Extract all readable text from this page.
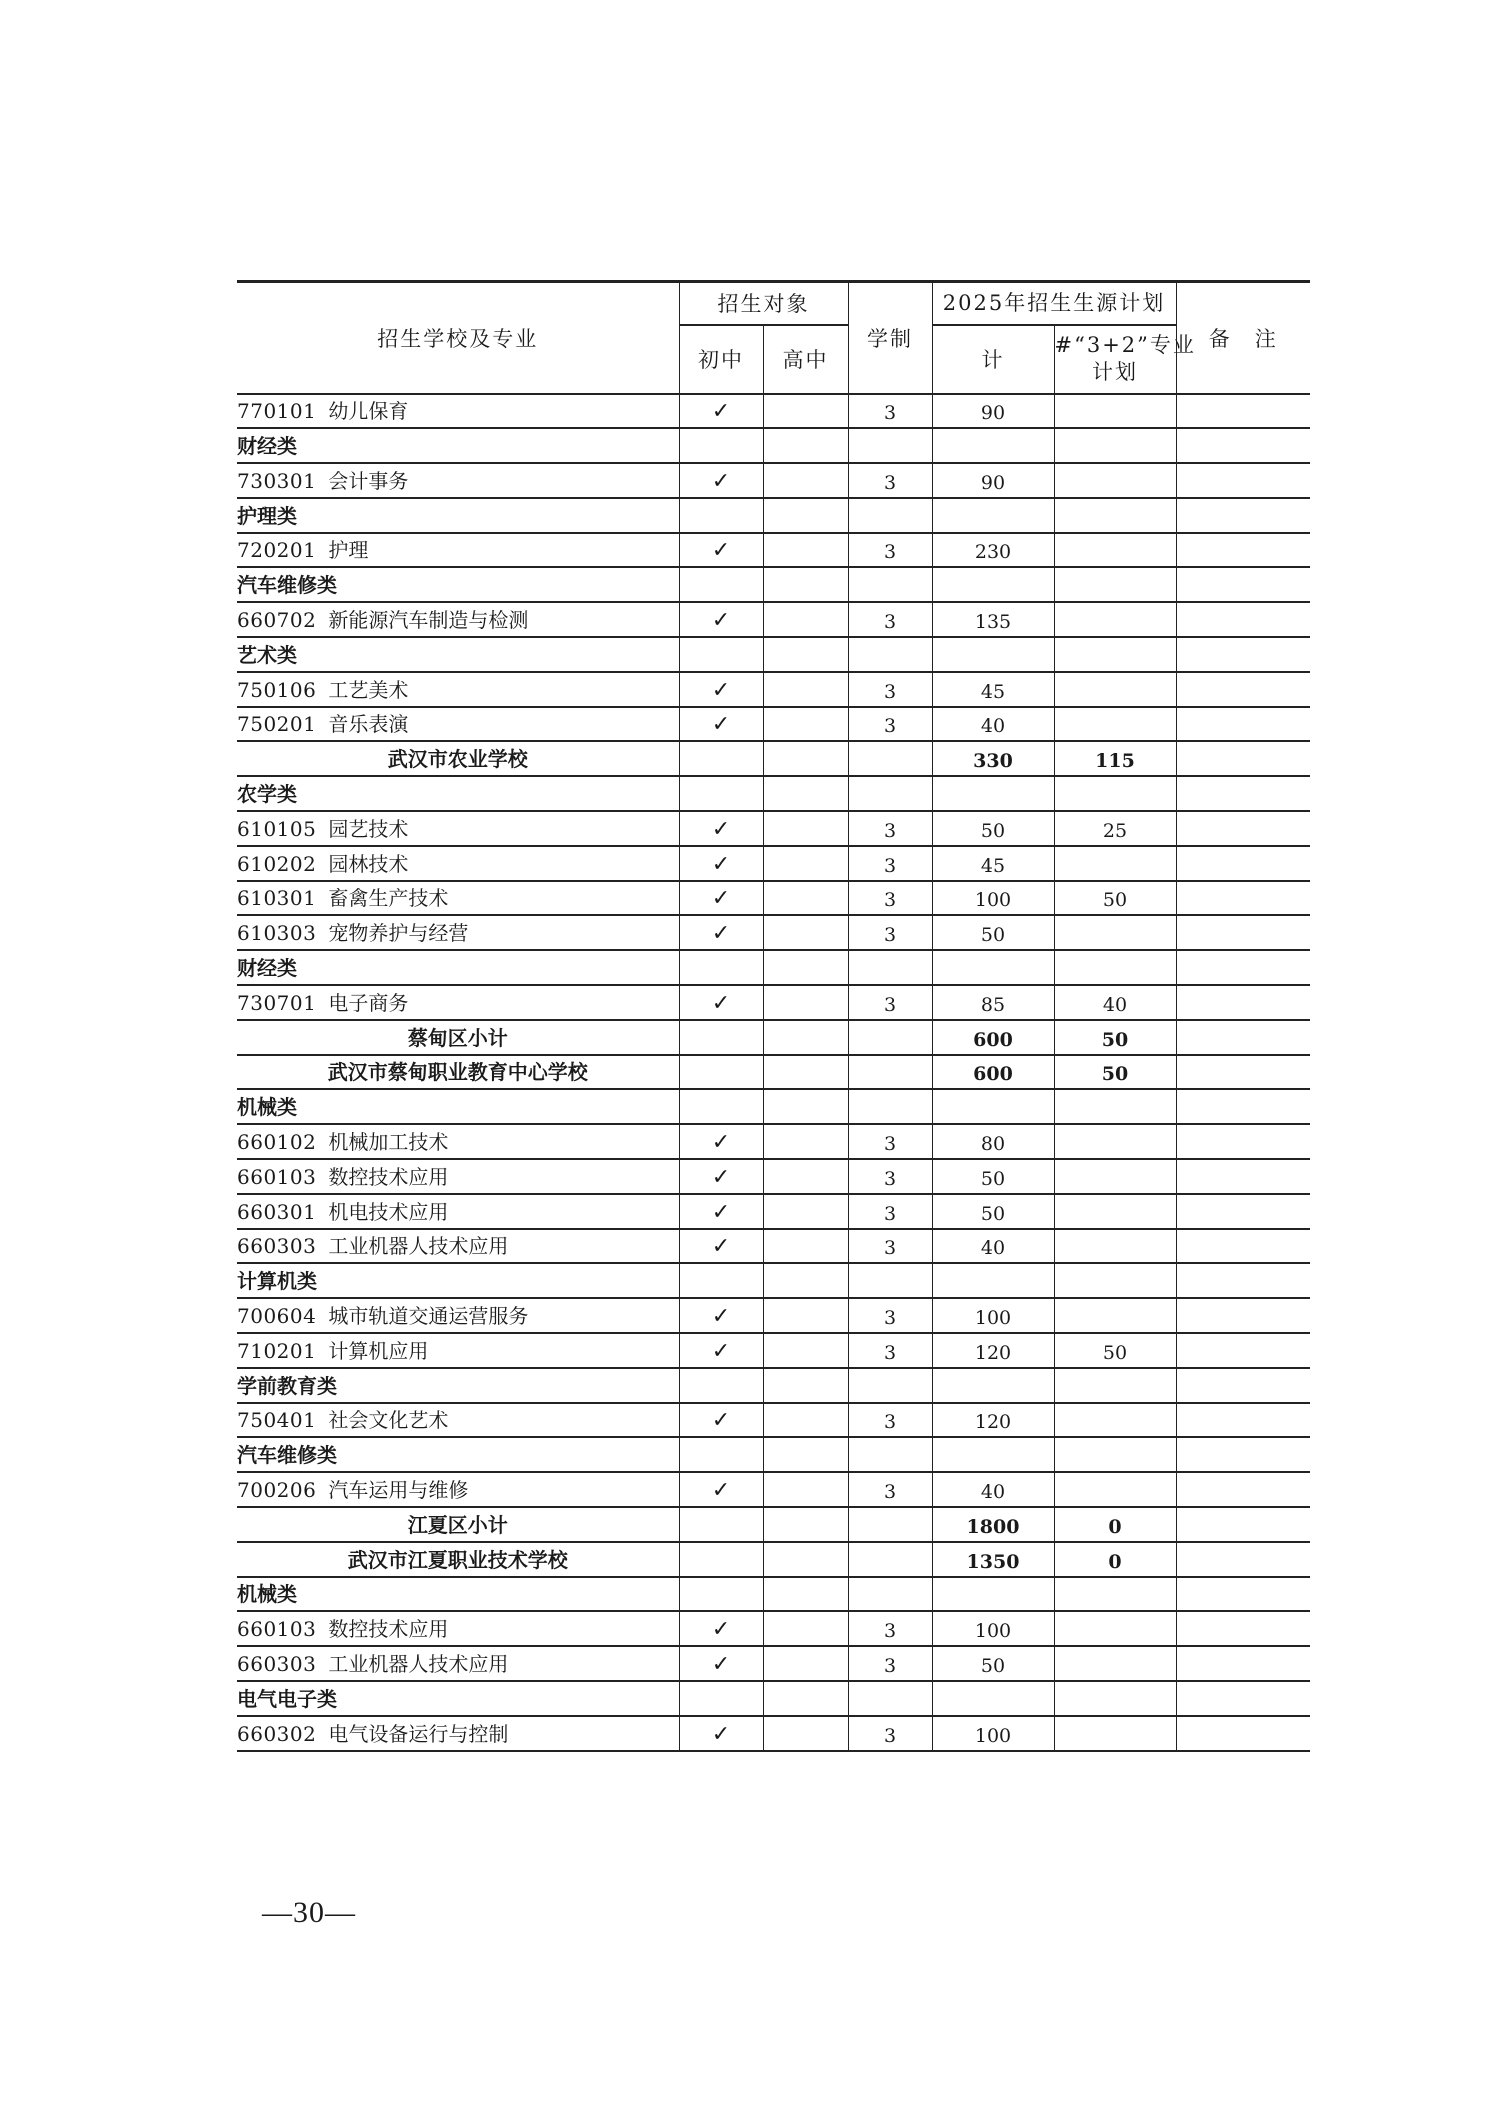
招生学校及专业	招生对象		学制	2025年招生生源计划		备　注
	初中	高中		计	#“3+2”专业
计划	

770101 幼儿保育	✓		3	90		
财经类						
730301 会计事务	✓		3	90		
护理类						
720201 护理	✓		3	230		
汽车维修类						
660702 新能源汽车制造与检测	✓		3	135		
艺术类						
750106 工艺美术	✓		3	45		
750201 音乐表演	✓		3	40		
武汉市农业学校				330	115	
农学类						
610105 园艺技术	✓		3	50	25	
610202 园林技术	✓		3	45		
610301 畜禽生产技术	✓		3	100	50	
610303 宠物养护与经营	✓		3	50		
财经类						
730701 电子商务	✓		3	85	40	
蔡甸区小计				600	50	
武汉市蔡甸职业教育中心学校				600	50	
机械类						
660102 机械加工技术	✓		3	80		
660103 数控技术应用	✓		3	50		
660301 机电技术应用	✓		3	50		
660303 工业机器人技术应用	✓		3	40		
计算机类						
700604 城市轨道交通运营服务	✓		3	100		
710201 计算机应用	✓		3	120	50	
学前教育类						
750401 社会文化艺术	✓		3	120		
汽车维修类						
700206 汽车运用与维修	✓		3	40		
江夏区小计				1800	0	
武汉市江夏职业技术学校				1350	0	
机械类						
660103 数控技术应用	✓		3	100		
660303 工业机器人技术应用	✓		3	50		
电气电子类						
660302 电气设备运行与控制	✓		3	100		
—30—
